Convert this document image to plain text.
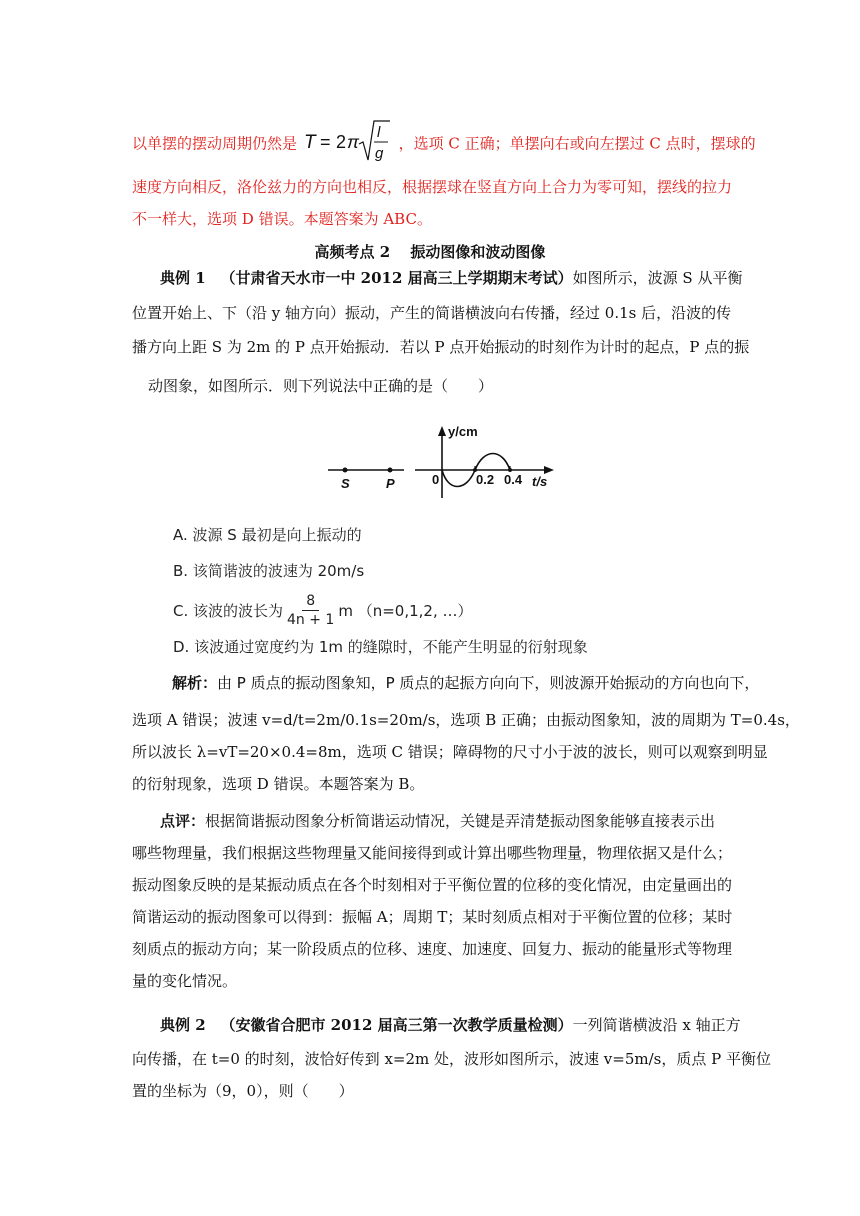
以单摆的摆动周期仍然是 T = 2 π l
g
，选项 C 正确；单摆向右或向左摆过 C 点时，摆球的
速度方向相反，洛伦兹力的方向也相反，根据摆球在竖直方向上合力为零可知，摆线的拉力
不一样大，选项 D 错误。本题答案为 ABC。
高频考点 2　 振动图像和波动图像
典例 1 （甘肃省天水市一中 2012 届高三上学期期末考试）如图所示，波源 S 从平衡
位置开始上、下（沿 y 轴方向）振动，产生的简谐横波向右传播，经过 0.1s 后，沿波的传
播方向上距 S 为 2m 的 P 点开始振动．若以 P 点开始振动的时刻作为计时的起点，P 点的振
动图象，如图所示．则下列说法中正确的是（　　）
S	P
y/cm
t/s
0	0.2 0.4
A. 波源 S 最初是向上振动的
B. 该简谐波的波速为 20m/s
C. 该波的波长为 $\frac{8}{4n + 1}$ m （n=0,1,2, …）
D. 该波通过宽度约为 1m 的缝隙时，不能产生明显的衍射现象
解析：由 P 质点的振动图象知，P 质点的起振方向向下，则波源开始振动的方向也向下，
选项 A 错误；波速 v=d/t=2m/0.1s=20m/s，选项 B 正确；由振动图象知，波的周期为 T=0.4s，
所以波长 λ=vT=20×0.4=8m，选项 C 错误；障碍物的尺寸小于波的波长，则可以观察到明显
的衍射现象，选项 D 错误。本题答案为 B。
点评：根据简谐振动图象分析简谐运动情况，关键是弄清楚振动图象能够直接表示出
哪些物理量，我们根据这些物理量又能间接得到或计算出哪些物理量，物理依据又是什么；
振动图象反映的是某振动质点在各个时刻相对于平衡位置的位移的变化情况，由定量画出的
简谐运动的振动图象可以得到：振幅 A；周期 T；某时刻质点相对于平衡位置的位移；某时
刻质点的振动方向；某一阶段质点的位移、速度、加速度、回复力、振动的能量形式等物理
量的变化情况。
典例 2 （安徽省合肥市 2012 届高三第一次教学质量检测）一列简谐横波沿 x 轴正方
向传播，在 t=0 的时刻，波恰好传到 x=2m 处，波形如图所示，波速 v=5m/s，质点 P 平衡位
置的坐标为（9，0），则（　　）
